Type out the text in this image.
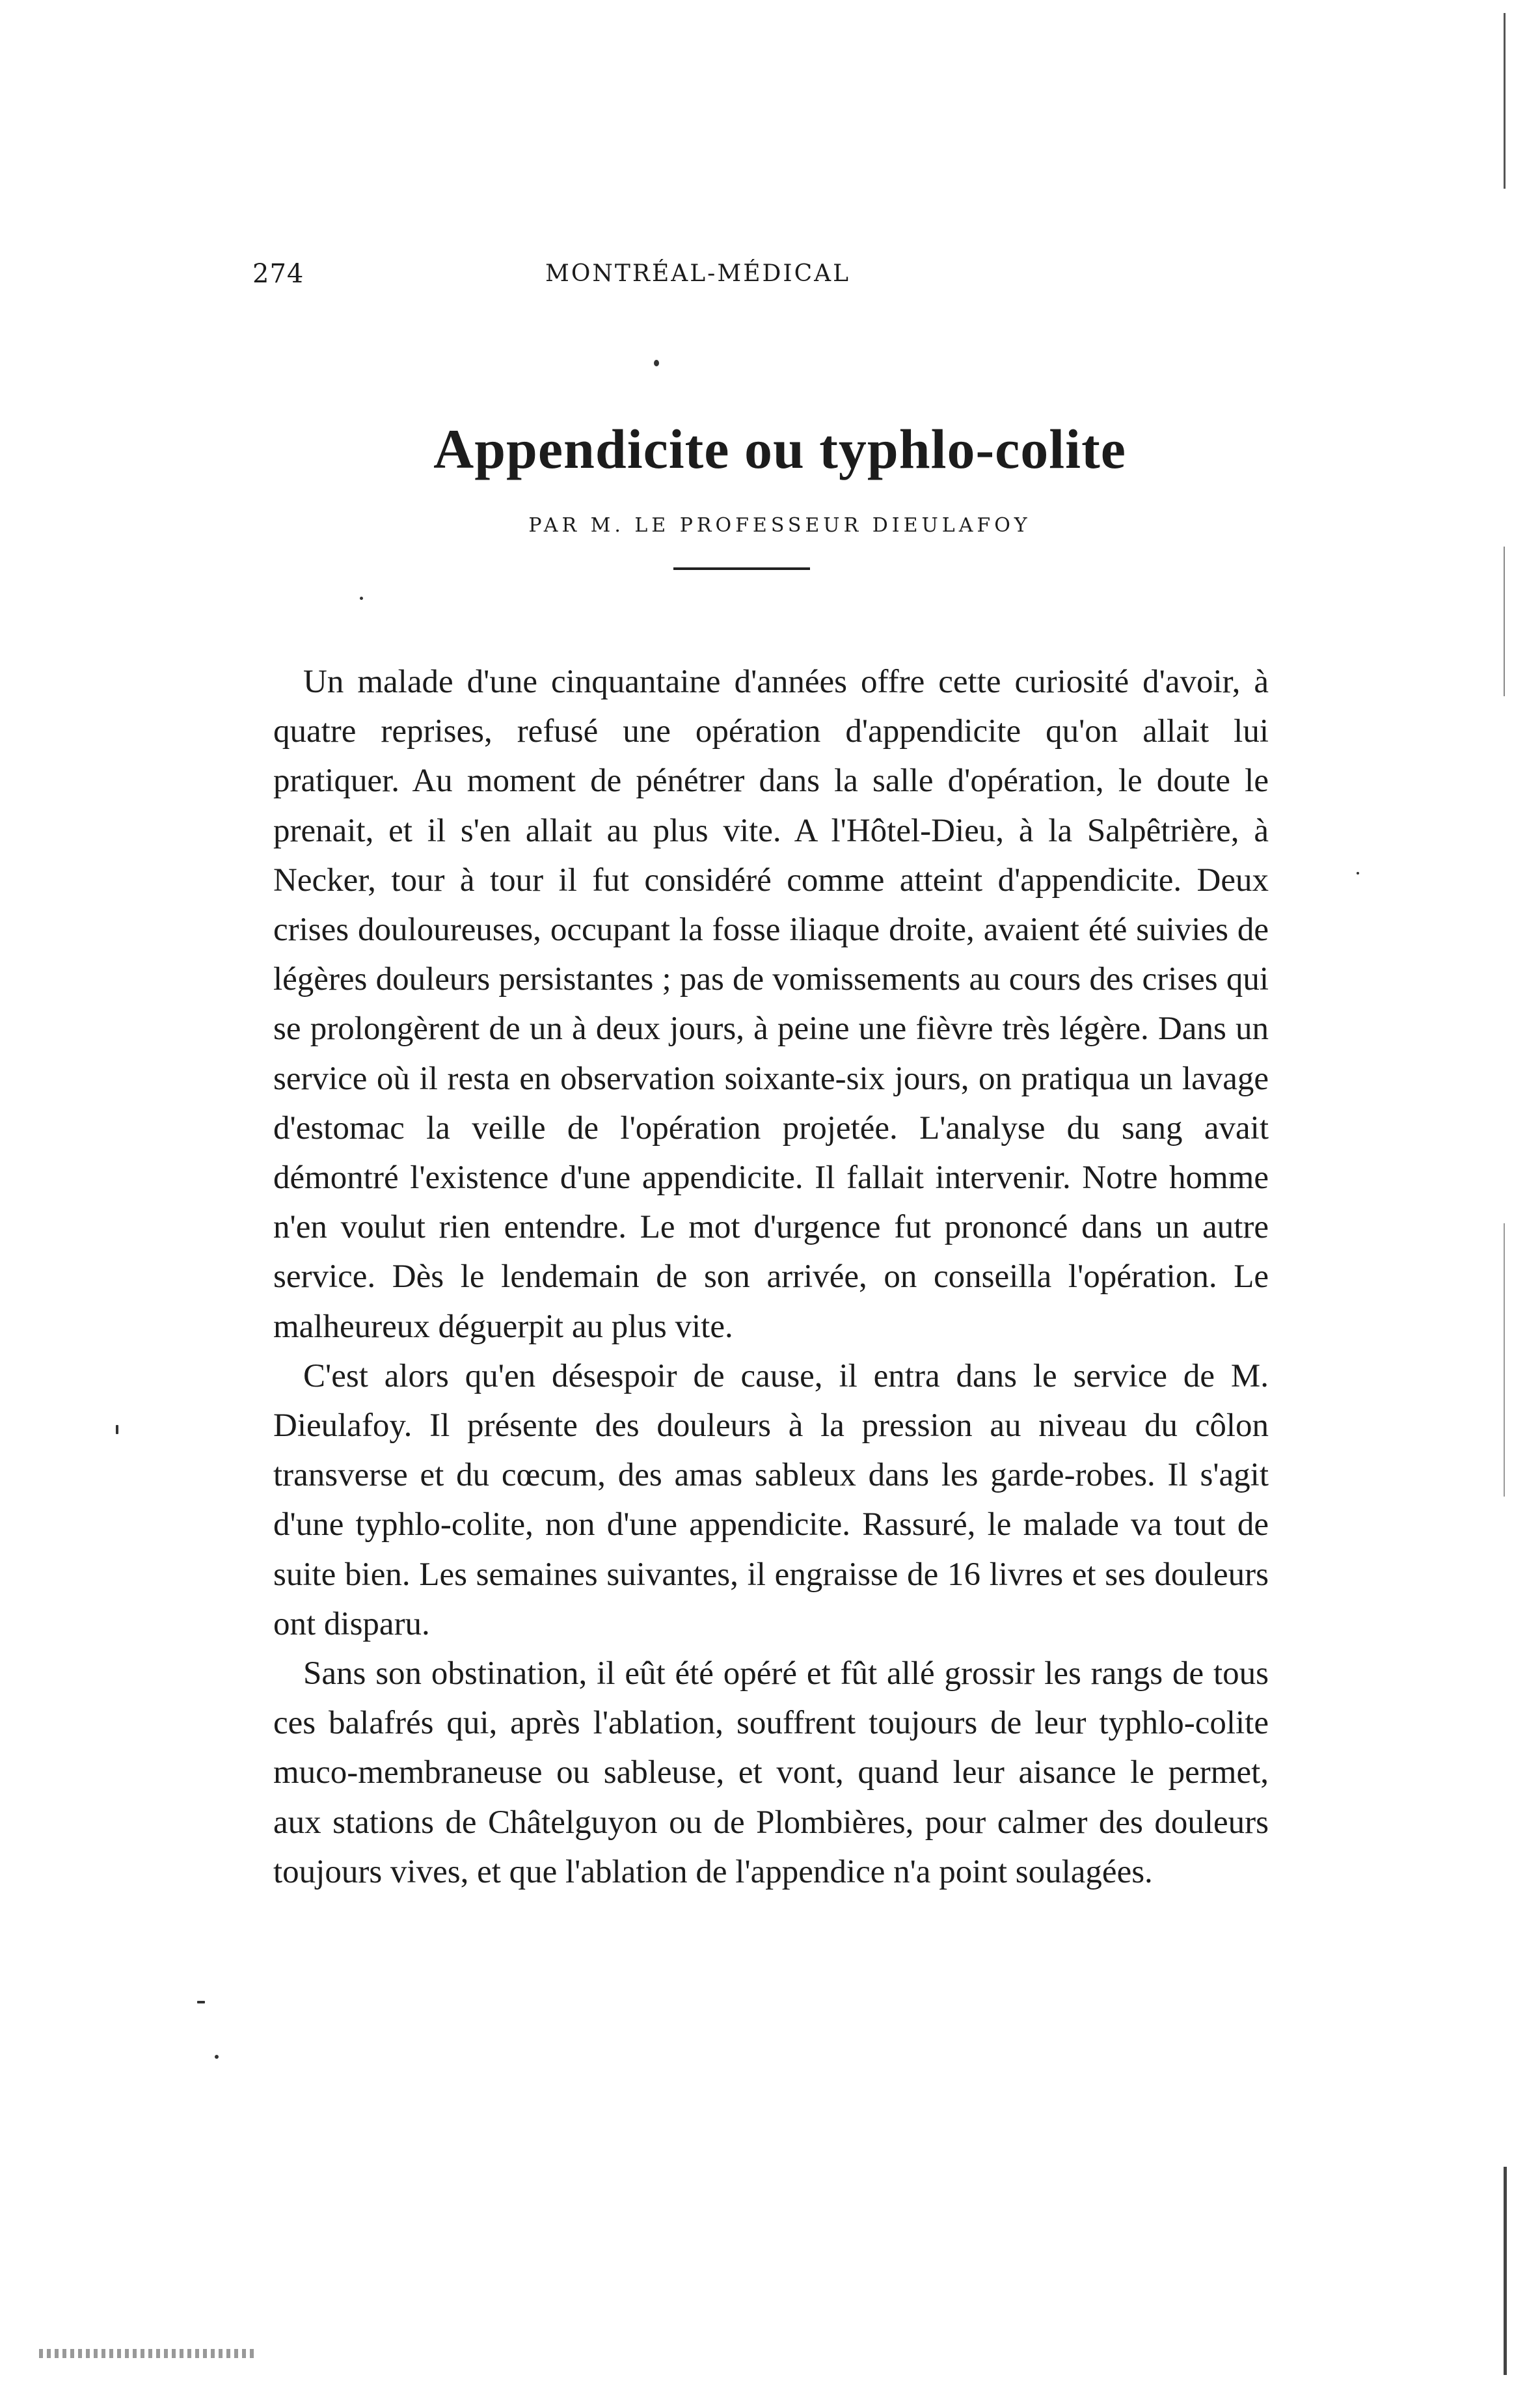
274	MONTRÉAL-MÉDICAL
Appendicite ou typhlo-colite
PAR M. LE PROFESSEUR DIEULAFOY

Un malade d'une cinquantaine d'années offre cette curiosité d'avoir, à quatre reprises, refusé une opération d'appendicite qu'on allait lui pratiquer. Au moment de pénétrer dans la salle d'opération, le doute le prenait, et il s'en allait au plus vite. A l'Hôtel-Dieu, à la Salpêtrière, à Necker, tour à tour il fut considéré comme atteint d'appendicite. Deux crises douloureuses, occupant la fosse iliaque droite, avaient été suivies de légères douleurs persistantes ; pas de vomissements au cours des crises qui se prolongèrent de un à deux jours, à peine une fièvre très légère. Dans un service où il resta en observation soixante-six jours, on pratiqua un lavage d'estomac la veille de l'opération projetée. L'analyse du sang avait démontré l'existence d'une appendicite. Il fallait intervenir. Notre homme n'en voulut rien entendre. Le mot d'urgence fut prononcé dans un autre service. Dès le lendemain de son arrivée, on conseilla l'opération. Le malheureux déguerpit au plus vite.

C'est alors qu'en désespoir de cause, il entra dans le service de M. Dieulafoy. Il présente des douleurs à la pression au niveau du côlon transverse et du cœcum, des amas sableux dans les garde-robes. Il s'agit d'une typhlo-colite, non d'une appendicite. Rassuré, le malade va tout de suite bien. Les semaines suivantes, il engraisse de 16 livres et ses douleurs ont disparu.

Sans son obstination, il eût été opéré et fût allé grossir les rangs de tous ces balafrés qui, après l'ablation, souffrent toujours de leur typhlo-colite muco-membraneuse ou sableuse, et vont, quand leur aisance le permet, aux stations de Châtelguyon ou de Plombières, pour calmer des douleurs toujours vives, et que l'ablation de l'appendice n'a point soulagées.
